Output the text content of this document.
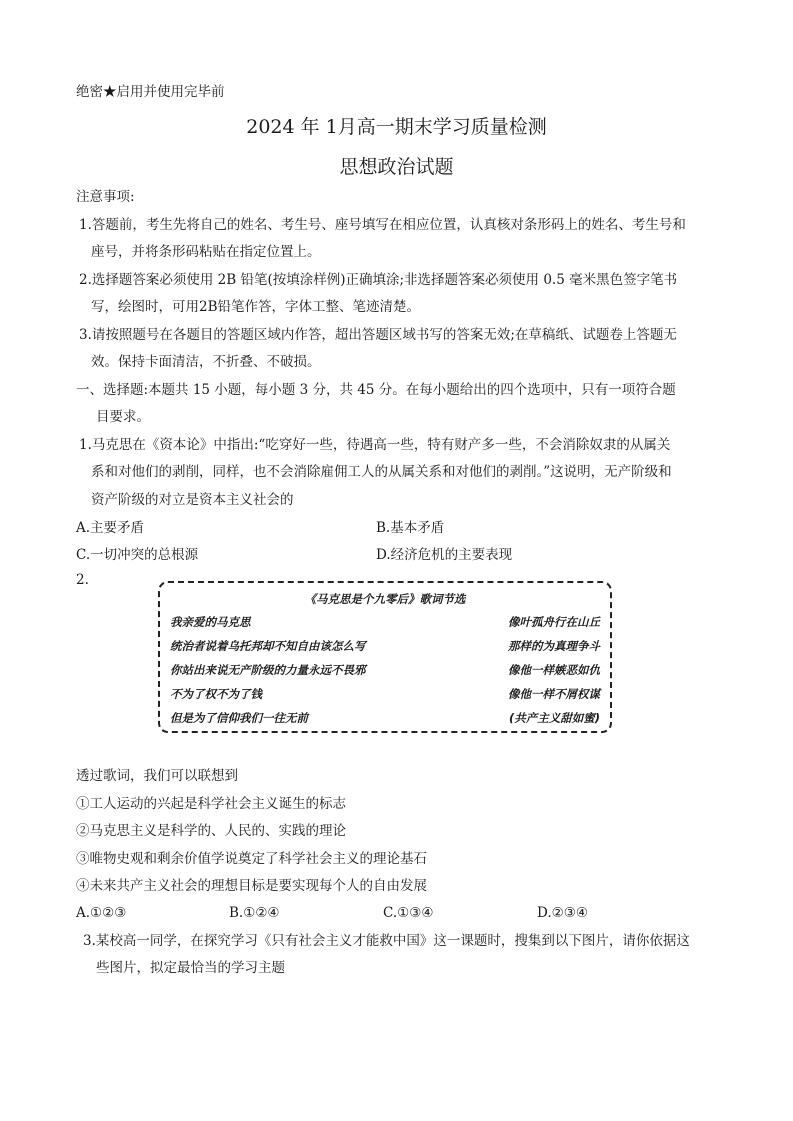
绝密★启用并使用完毕前
2024 年 1月高一期末学习质量检测
思想政治试题
注意事项:
1.答题前，考生先将自己的姓名、考生号、座号填写在相应位置，认真核对条形码上的姓名、考生号和
座号，并将条形码粘贴在指定位置上。
2.选择题答案必须使用 2B 铅笔(按填涂样例)正确填涂;非选择题答案必须使用 0.5 毫米黑色签字笔书
写，绘图时，可用2B铅笔作答，字体工整、笔迹清楚。
3.请按照题号在各题目的答题区域内作答，超出答题区域书写的答案无效;在草稿纸、试题卷上答题无
效。保持卡面清洁，不折叠、不破损。
一、选择题:本题共 15 小题，每小题 3 分，共 45 分。在每小题给出的四个选项中，只有一项符合题
目要求。
1.马克思在《资本论》中指出:“吃穿好一些，待遇高一些，特有财产多一些，不会消除奴隶的从属关
系和对他们的剥削，同样，也不会消除雇佣工人的从属关系和对他们的剥削。”这说明，无产阶级和
资产阶级的对立是资本主义社会的
A.主要矛盾	B.基本矛盾
C.一切冲突的总根源	D.经济危机的主要表现
2.
《马克思是个九零后》歌词节选
我亲爱的马克思	像叶孤舟行在山丘
统治者说着乌托邦却不知自由该怎么写	那样的为真理争斗
你站出来说无产阶级的力量永远不畏邪	像他一样嫉恶如仇
不为了权不为了钱	像他一样不屑权谋
但是为了信仰我们一往无前	(共产主义甜如蜜)
透过歌词，我们可以联想到
①工人运动的兴起是科学社会主义诞生的标志
②马克思主义是科学的、人民的、实践的理论
③唯物史观和剩余价值学说奠定了科学社会主义的理论基石
④未来共产主义社会的理想目标是要实现每个人的自由发展
A.①②③	B.①②④	C.①③④	D.②③④
3.某校高一同学，在探究学习《只有社会主义才能救中国》这一课题时，搜集到以下图片，请你依据这
些图片，拟定最恰当的学习主题
